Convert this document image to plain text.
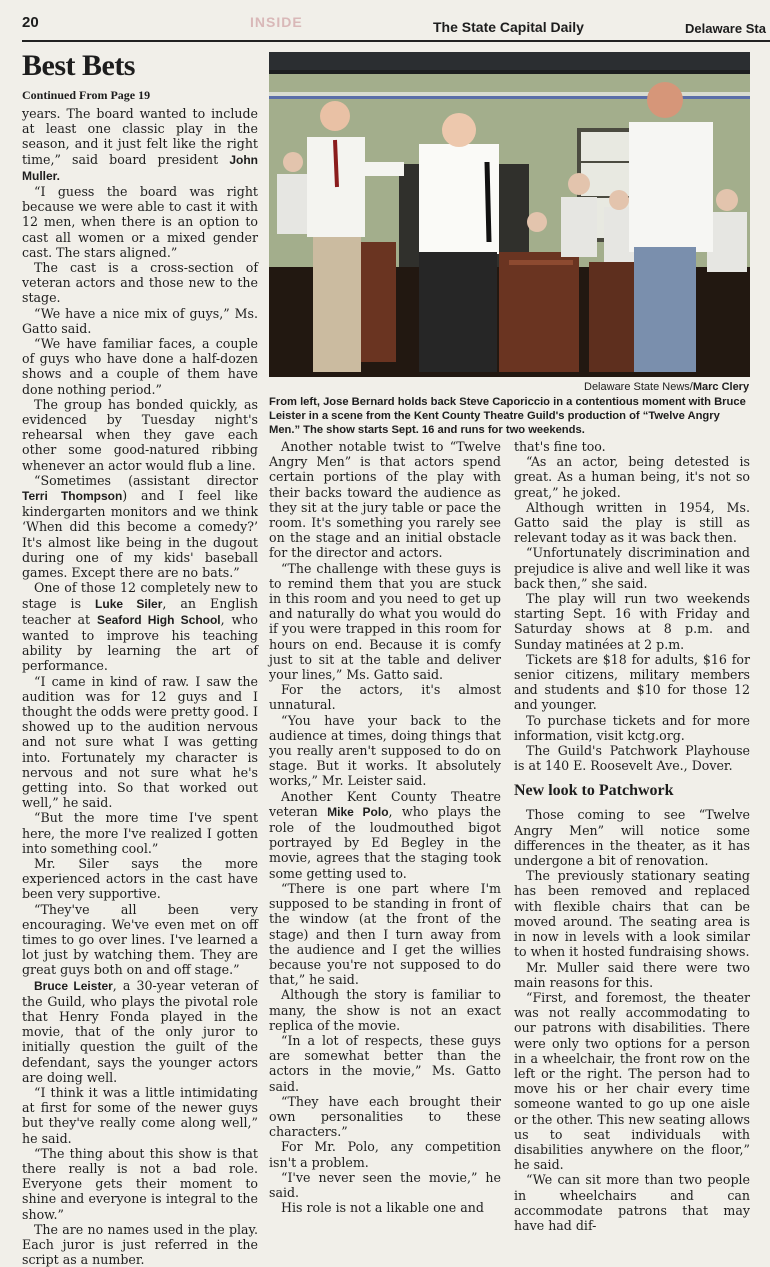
20	INSIDE	The State Capital Daily	Delaware Sta
Best Bets
Continued From Page 19
Delaware State News/Marc Clery
From left, Jose Bernard holds back Steve Caporiccio in a contentious moment with Bruce Leister in a scene from the Kent County Theatre Guild's production of “Twelve Angry Men.” The show starts Sept. 16 and runs for two weekends.

years. The board wanted to include at least one classic play in the season, and it just felt like the right time,” said board president John Muller.

“I guess the board was right because we were able to cast it with 12 men, when there is an option to cast all women or a mixed gender cast. The stars aligned.”

The cast is a cross-section of veteran actors and those new to the stage.

“We have a nice mix of guys,” Ms. Gatto said.

“We have familiar faces, a couple of guys who have done a half-dozen shows and a couple of them have done nothing period.”

The group has bonded quickly, as evidenced by Tuesday night's rehearsal when they gave each other some good-natured ribbing whenever an actor would flub a line.

“Sometimes (assistant director Terri Thompson) and I feel like kindergarten monitors and we think ‘When did this become a comedy?’ It's almost like being in the dugout during one of my kids' baseball games. Except there are no bats.”

One of those 12 completely new to stage is Luke Siler, an English teacher at Seaford High School, who wanted to improve his teaching ability by learning the art of performance.

“I came in kind of raw. I saw the audition was for 12 guys and I thought the odds were pretty good. I showed up to the audition nervous and not sure what I was getting into. Fortunately my character is nervous and not sure what he's getting into. So that worked out well,” he said.

“But the more time I've spent here, the more I've realized I gotten into something cool.”

Mr. Siler says the more experienced actors in the cast have been very supportive.

“They've all been very encouraging. We've even met on off times to go over lines. I've learned a lot just by watching them. They are great guys both on and off stage.”

Bruce Leister, a 30-year veteran of the Guild, who plays the pivotal role that Henry Fonda played in the movie, that of the only juror to initially question the guilt of the defendant, says the younger actors are doing well.

“I think it was a little intimidating at first for some of the newer guys but they've really come along well,” he said.

“The thing about this show is that there really is not a bad role. Everyone gets their moment to shine and everyone is integral to the show.”

The are no names used in the play. Each juror is just referred in the script as a number.

Another notable twist to “Twelve Angry Men” is that actors spend certain portions of the play with their backs toward the audience as they sit at the jury table or pace the room. It's something you rarely see on the stage and an initial obstacle for the director and actors.

“The challenge with these guys is to remind them that you are stuck in this room and you need to get up and naturally do what you would do if you were trapped in this room for hours on end. Because it is comfy just to sit at the table and deliver your lines,” Ms. Gatto said.

For the actors, it's almost unnatural.

“You have your back to the audience at times, doing things that you really aren't supposed to do on stage. But it works. It absolutely works,” Mr. Leister said.

Another Kent County Theatre veteran Mike Polo, who plays the role of the loudmouthed bigot portrayed by Ed Begley in the movie, agrees that the staging took some getting used to.

“There is one part where I'm supposed to be standing in front of the window (at the front of the stage) and then I turn away from the audience and I get the willies because you're not supposed to do that,” he said.

Although the story is familiar to many, the show is not an exact replica of the movie.

“In a lot of respects, these guys are somewhat better than the actors in the movie,” Ms. Gatto said.

“They have each brought their own personalities to these characters.”

For Mr. Polo, any competition isn't a problem.

“I've never seen the movie,” he said.

His role is not a likable one and

that's fine too.

“As an actor, being detested is great. As a human being, it's not so great,” he joked.

Although written in 1954, Ms. Gatto said the play is still as relevant today as it was back then.

“Unfortunately discrimination and prejudice is alive and well like it was back then,” she said.

The play will run two weekends starting Sept. 16 with Friday and Saturday shows at 8 p.m. and Sunday matinées at 2 p.m.

Tickets are $18 for adults, $16 for senior citizens, military members and students and $10 for those 12 and younger.

To purchase tickets and for more information, visit kctg.org.

The Guild's Patchwork Playhouse is at 140 E. Roosevelt Ave., Dover.

New look to Patchwork

Those coming to see “Twelve Angry Men” will notice some differences in the theater, as it has undergone a bit of renovation.

The previously stationary seating has been removed and replaced with flexible chairs that can be moved around. The seating area is in now in levels with a look similar to when it hosted fundraising shows.

Mr. Muller said there were two main reasons for this.

“First, and foremost, the theater was not really accommodating to our patrons with disabilities. There were only two options for a person in a wheelchair, the front row on the left or the right. The person had to move his or her chair every time someone wanted to go up one aisle or the other. This new seating allows us to seat individuals with disabilities anywhere on the floor,” he said.

“We can sit more than two people in wheelchairs and can accommodate patrons that may have had dif-
